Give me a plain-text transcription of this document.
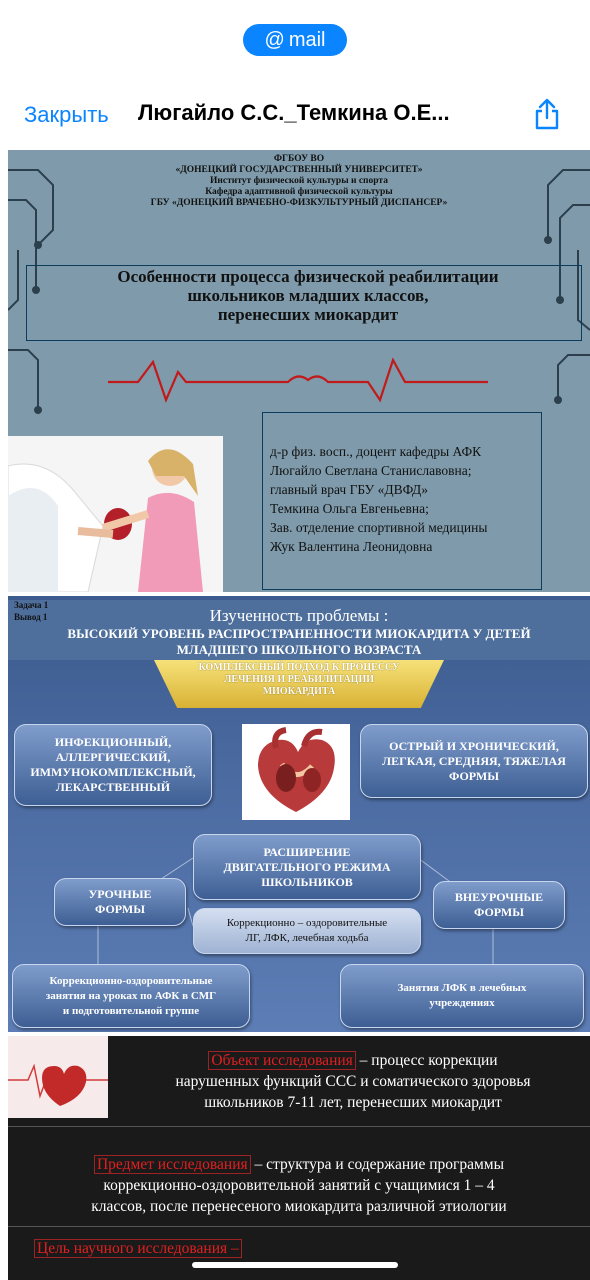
@ mail
Закрыть Люгайло С.С._Темкина О.Е...
ФГБОУ ВО
«ДОНЕЦКИЙ ГОСУДАРСТВЕННЫЙ УНИВЕРСИТЕТ»
Институт физической культуры и спорта
Кафедра адаптивной физической культуры
ГБУ «ДОНЕЦКИЙ ВРАЧЕБНО-ФИЗКУЛЬТУРНЫЙ ДИСПАНСЕР»
Особенности процесса физической реабилитации
школьников младших классов,
перенесших миокардит
д-р физ. восп., доцент кафедры АФК
Люгайло Светлана Станиславовна;
главный врач ГБУ «ДВФД»
Темкина Ольга Евгеньевна;
Зав. отделение спортивной медицины
Жук Валентина Леонидовна
Изученность проблемы :
ВЫСОКИЙ УРОВЕНЬ РАСПРОСТРАНЕННОСТИ МИОКАРДИТА У ДЕТЕЙ
МЛАДШЕГО ШКОЛЬНОГО ВОЗРАСТА
Задача 1
Вывод 1
КОМПЛЕКСНЫЙ ПОДХОД К ПРОЦЕССУ
ЛЕЧЕНИЯ И РЕАБИЛИТАЦИИ
МИОКАРДИТА
ИНФЕКЦИОННЫЙ,
АЛЛЕРГИЧЕСКИЙ,
ИММУНОКОМПЛЕКСНЫЙ,
ЛЕКАРСТВЕННЫЙ
ОСТРЫЙ И ХРОНИЧЕСКИЙ,
ЛЕГКАЯ, СРЕДНЯЯ, ТЯЖЕЛАЯ
ФОРМЫ
РАСШИРЕНИЕ
ДВИГАТЕЛЬНОГО РЕЖИМА
ШКОЛЬНИКОВ
УРОЧНЫЕ
ФОРМЫ
ВНЕУРОЧНЫЕ
ФОРМЫ
Коррекционно – оздоровительные
ЛГ, ЛФК, лечебная ходьба
Коррекционно-оздоровительные
занятия на уроках по АФК в СМГ
и подготовительной группе
Занятия ЛФК в лечебных
учреждениях
Объект исследования – процесс коррекции
нарушенных функций ССС и соматического здоровья
школьников 7-11 лет, перенесших миокардит
Предмет исследования – структура и содержание программы
коррекционно-оздоровительной занятий с учащимися 1 – 4
классов, после перенесеного миокардита различной этиологии
Цель научного исследования –
